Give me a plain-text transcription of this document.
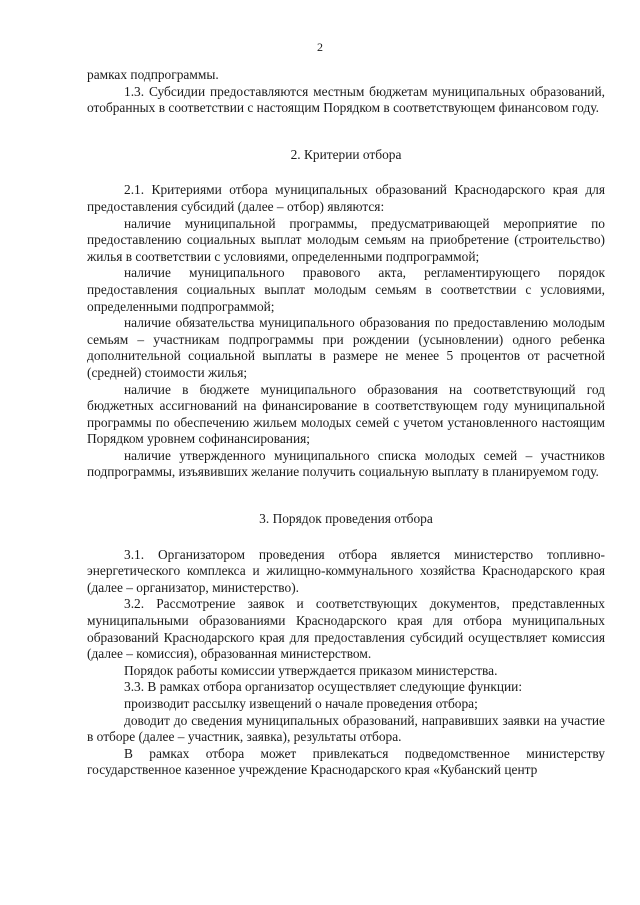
2

рамках подпрограммы.

1.3. Субсидии предоставляются местным бюджетам муниципальных образований, отобранных в соответствии с настоящим Порядком в соответствующем финансовом году.

2. Критерии отбора

2.1. Критериями отбора муниципальных образований Краснодарского края для предоставления субсидий (далее – отбор) являются:

наличие муниципальной программы, предусматривающей мероприятие по предоставлению социальных выплат молодым семьям на приобретение (строительство) жилья в соответствии с условиями, определенными подпрограммой;

наличие муниципального правового акта, регламентирующего порядок предоставления социальных выплат молодым семьям в соответствии с условиями, определенными подпрограммой;

наличие обязательства муниципального образования по предоставлению молодым семьям – участникам подпрограммы при рождении (усыновлении) одного ребенка дополнительной социальной выплаты в размере не менее 5 процентов от расчетной (средней) стоимости жилья;

наличие в бюджете муниципального образования на соответствующий год бюджетных ассигнований на финансирование в соответствующем году муниципальной программы по обеспечению жильем молодых семей с учетом установленного настоящим Порядком уровнем софинансирования;

наличие утвержденного муниципального списка молодых семей – участников подпрограммы, изъявивших желание получить социальную выплату в планируемом году.

3. Порядок проведения отбора

3.1. Организатором проведения отбора является министерство топливно-энергетического комплекса и жилищно-коммунального хозяйства Краснодарского края (далее – организатор, министерство).

3.2. Рассмотрение заявок и соответствующих документов, представленных муниципальными образованиями Краснодарского края для отбора муниципальных образований Краснодарского края для предоставления субсидий осуществляет комиссия (далее – комиссия), образованная министерством.

Порядок работы комиссии утверждается приказом министерства.

3.3. В рамках отбора организатор осуществляет следующие функции:

производит рассылку извещений о начале проведения отбора;

доводит до сведения муниципальных образований, направивших заявки на участие в отборе (далее – участник, заявка), результаты отбора.

В рамках отбора может привлекаться подведомственное министерству государственное казенное учреждение Краснодарского края «Кубанский центр
